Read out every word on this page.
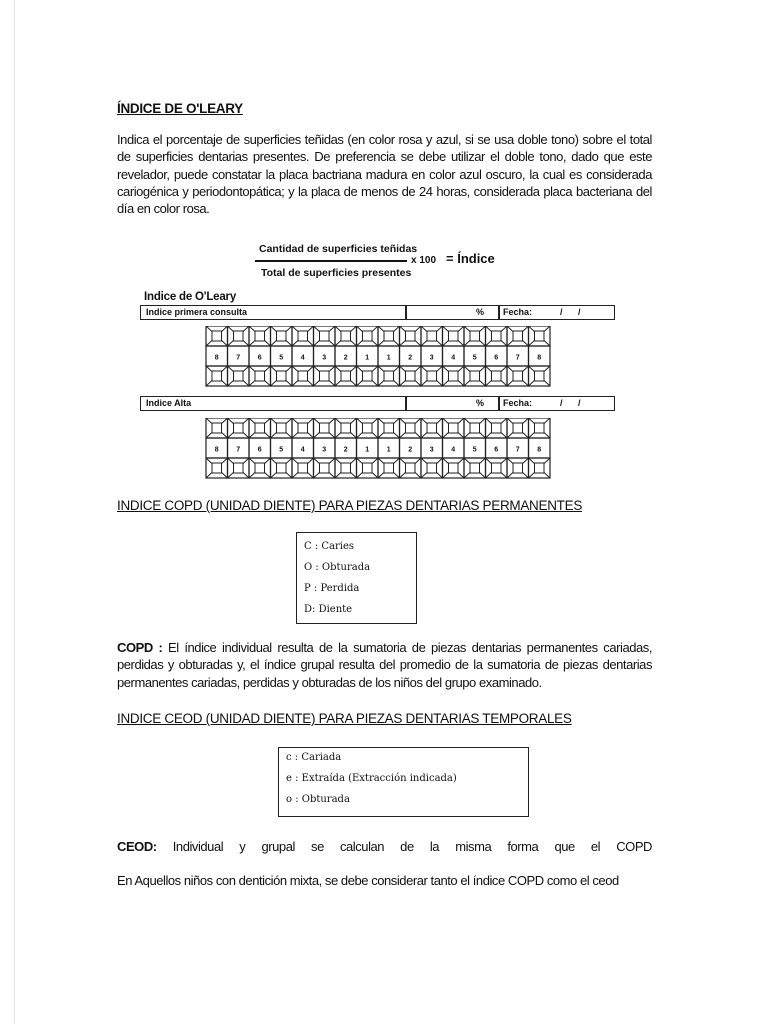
ÍNDICE DE O'LEARY

Indica el porcentaje de superficies teñidas (en color rosa y azul, si se usa doble tono) sobre el total de superficies dentarias presentes. De preferencia se debe utilizar el doble tono, dado que este revelador, puede constatar la placa bactriana madura en color azul oscuro, la cual es considerada cariogénica y periodontopática; y la placa de menos de 24 horas, considerada placa bacteriana del día en color rosa.

Cantidad de superficies teñidas
Total de superficies presentes
x 100 = Índice
Indice de O'Leary
Indice primera consulta	% Fecha:	/ /
8	7	6	5	4	3	2	1	1	2	3	4	5	6	7	8
Indice Alta	% Fecha:	/ /
8	7	6	5	4	3	2	1	1	2	3	4	5	6	7	8
INDICE COPD (UNIDAD DIENTE) PARA PIEZAS DENTARIAS PERMANENTES
C : Caries
O : Obturada
P : Perdida
D: Diente

COPD : El índice individual resulta de la sumatoria de piezas dentarias permanentes cariadas, perdidas y obturadas y, el índice grupal resulta del promedio de la sumatoria de piezas dentarias permanentes cariadas, perdidas y obturadas de los niños del grupo examinado.

INDICE CEOD (UNIDAD DIENTE) PARA PIEZAS DENTARIAS TEMPORALES
c : Cariada
e : Extraída (Extracción indicada)
o : Obturada

CEOD: Individual y grupal se calculan de la misma forma que el COPD

En Aquellos niños con dentición mixta, se debe considerar tanto el índice COPD como el ceod
